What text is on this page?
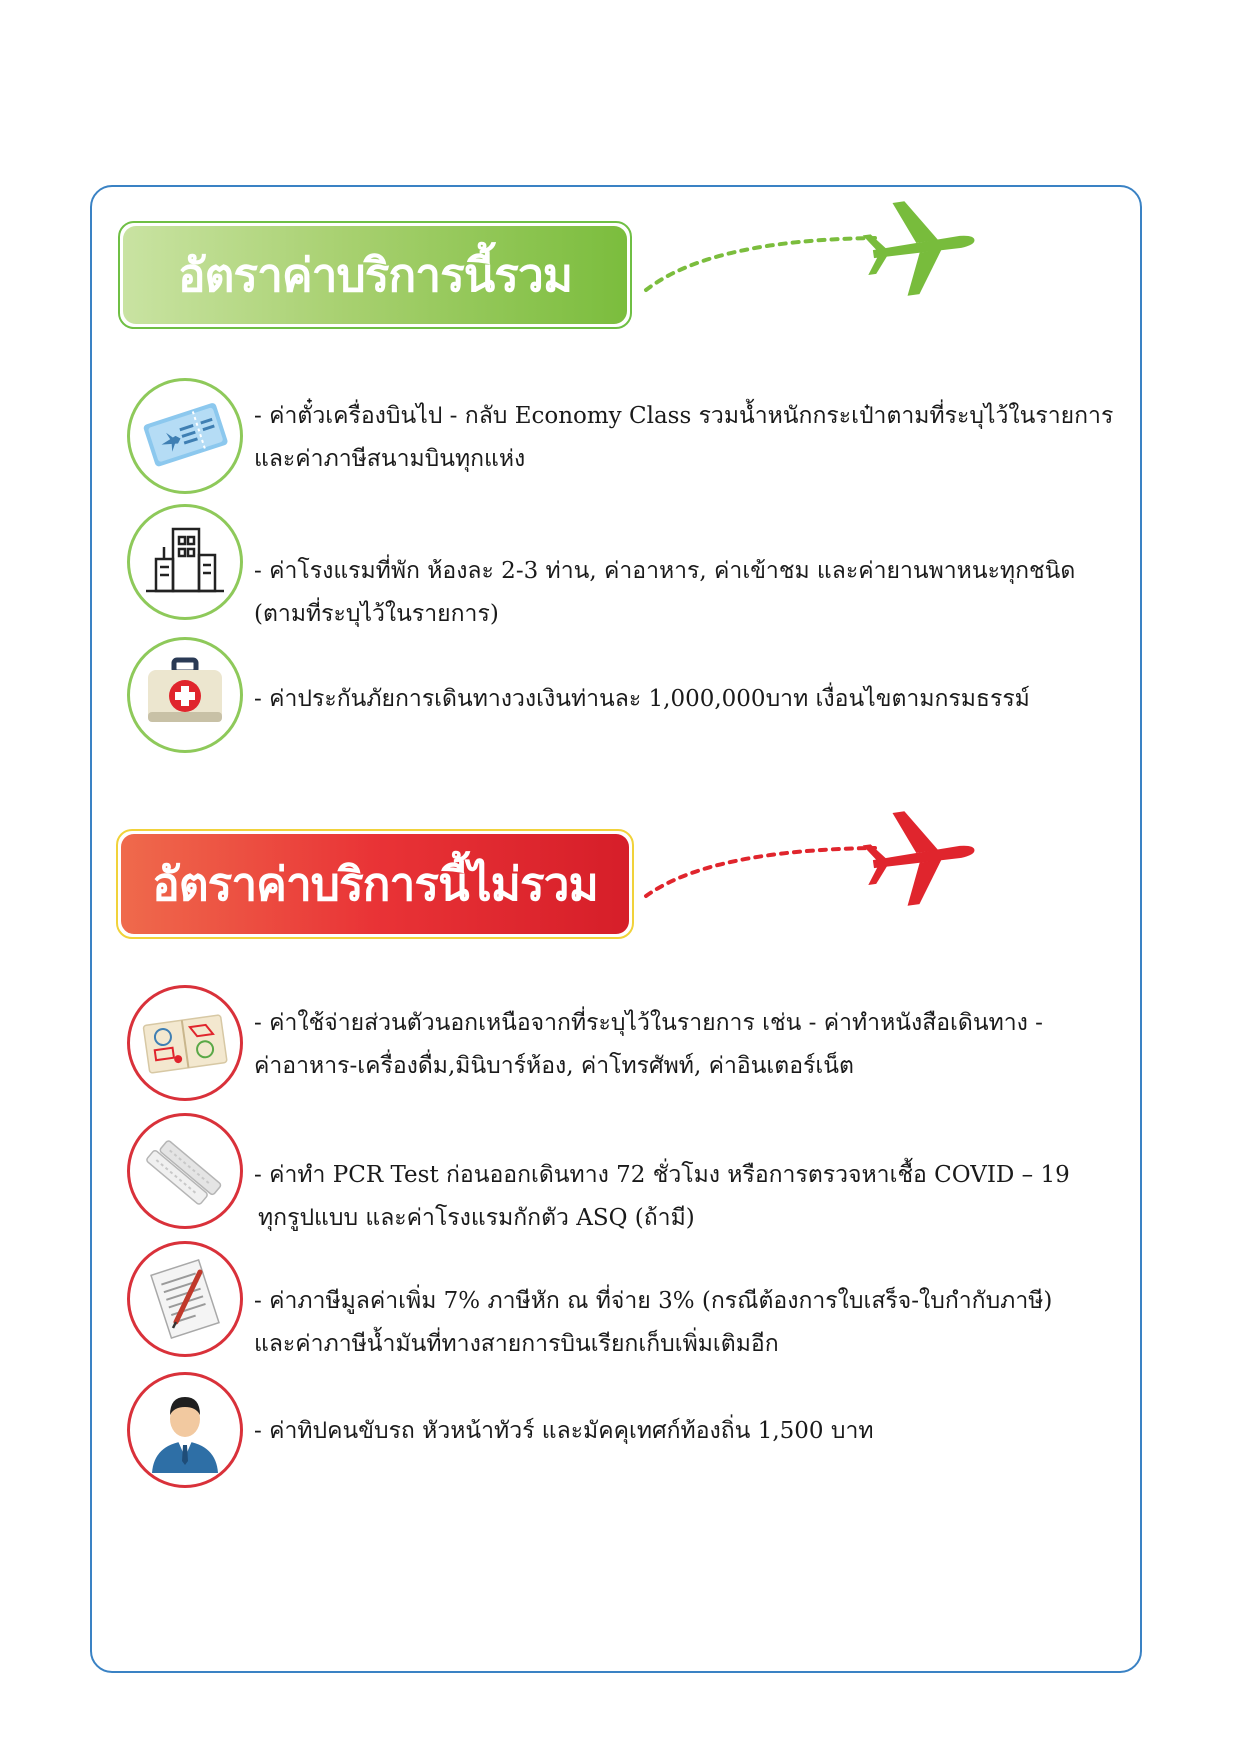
อัตราค่าบริการนี้รวม
- ค่าตั๋วเครื่องบินไป - กลับ Economy Class รวมน้ำหนักกระเป๋าตามที่ระบุไว้ในรายการ
และค่าภาษีสนามบินทุกแห่ง
- ค่าโรงแรมที่พัก ห้องละ 2-3 ท่าน, ค่าอาหาร, ค่าเข้าชม และค่ายานพาหนะทุกชนิด
(ตามที่ระบุไว้ในรายการ)
- ค่าประกันภัยการเดินทางวงเงินท่านละ 1,000,000บาท เงื่อนไขตามกรมธรรม์
อัตราค่าบริการนี้ไม่รวม
- ค่าใช้จ่ายส่วนตัวนอกเหนือจากที่ระบุไว้ในรายการ เช่น - ค่าทำหนังสือเดินทาง -
ค่าอาหาร-เครื่องดื่ม,มินิบาร์ห้อง, ค่าโทรศัพท์, ค่าอินเตอร์เน็ต
- ค่าทำ PCR Test ก่อนออกเดินทาง 72 ชั่วโมง หรือการตรวจหาเชื้อ COVID – 19
ทุกรูปแบบ และค่าโรงแรมกักตัว ASQ (ถ้ามี)
- ค่าภาษีมูลค่าเพิ่ม 7% ภาษีหัก ณ ที่จ่าย 3% (กรณีต้องการใบเสร็จ-ใบกำกับภาษี)
และค่าภาษีน้ำมันที่ทางสายการบินเรียกเก็บเพิ่มเติมอีก
- ค่าทิปคนขับรถ หัวหน้าทัวร์ และมัคคุเทศก์ท้องถิ่น 1,500 บาท
